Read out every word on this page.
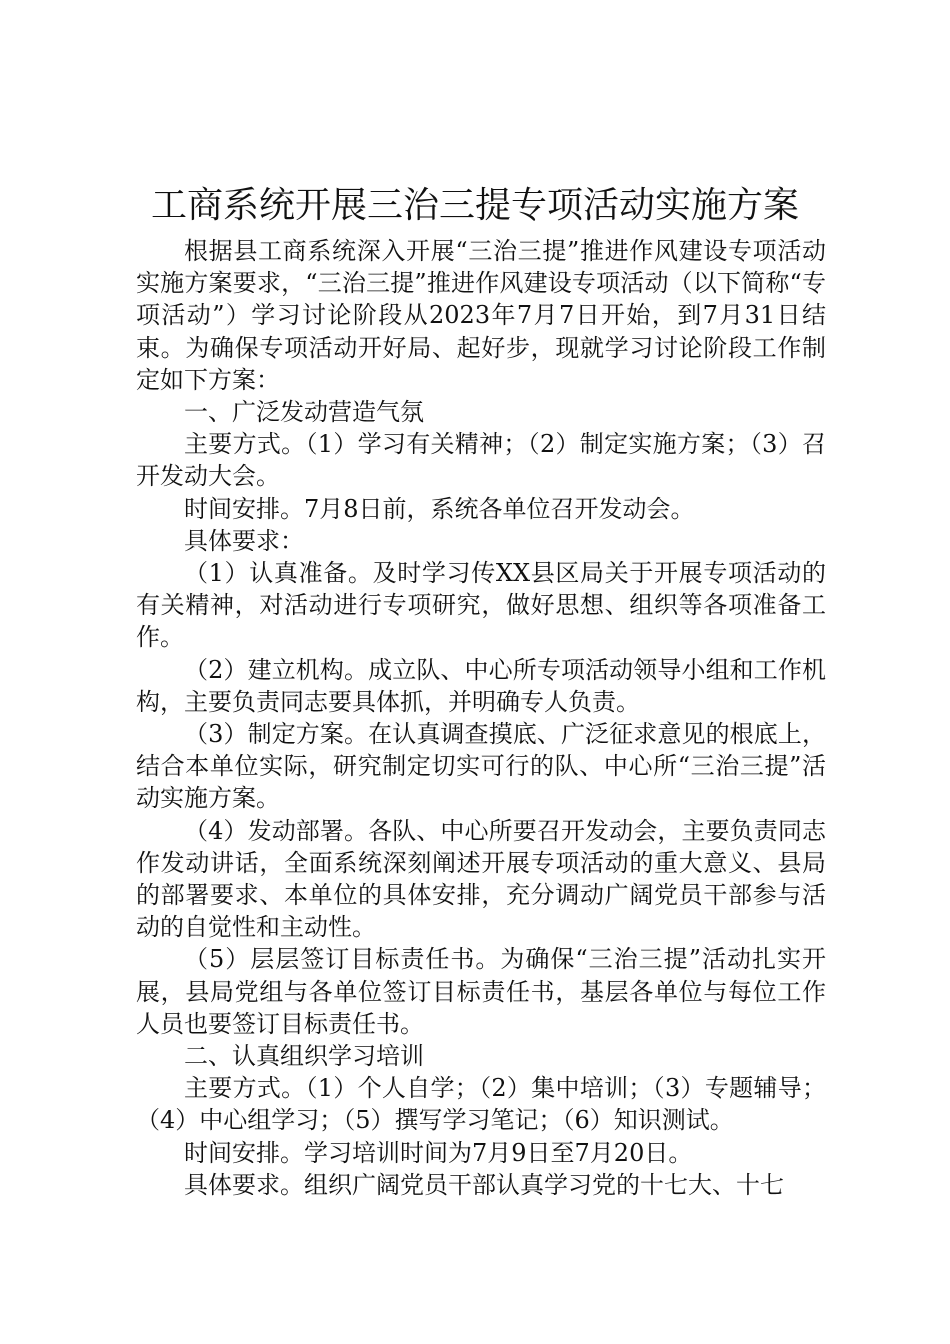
工商系统开展三治三提专项活动实施方案

根据县工商系统深入开展“三治三提”推进作风建设专项活动实施方案要求，“三治三提”推进作风建设专项活动（以下简称“专项活动”）学习讨论阶段从2023年7月7日开始，到7月31日结束。为确保专项活动开好局、起好步，现就学习讨论阶段工作制定如下方案：

一、广泛发动营造气氛

主要方式。（1）学习有关精神；（2）制定实施方案；（3）召开发动大会。

时间安排。7月8日前，系统各单位召开发动会。

具体要求：

（1）认真准备。及时学习传XX县区局关于开展专项活动的有关精神，对活动进行专项研究，做好思想、组织等各项准备工作。

（2）建立机构。成立队、中心所专项活动领导小组和工作机构，主要负责同志要具体抓，并明确专人负责。

（3）制定方案。在认真调查摸底、广泛征求意见的根底上，结合本单位实际，研究制定切实可行的队、中心所“三治三提”活动实施方案。

（4）发动部署。各队、中心所要召开发动会，主要负责同志作发动讲话，全面系统深刻阐述开展专项活动的重大意义、县局的部署要求、本单位的具体安排，充分调动广阔党员干部参与活动的自觉性和主动性。

（5）层层签订目标责任书。为确保“三治三提”活动扎实开展，县局党组与各单位签订目标责任书，基层各单位与每位工作人员也要签订目标责任书。

二、认真组织学习培训

主要方式。（1）个人自学；（2）集中培训；（3）专题辅导；（4）中心组学习；（5）撰写学习笔记；（6）知识测试。

时间安排。学习培训时间为7月9日至7月20日。

具体要求。组织广阔党员干部认真学习党的十七大、十七
